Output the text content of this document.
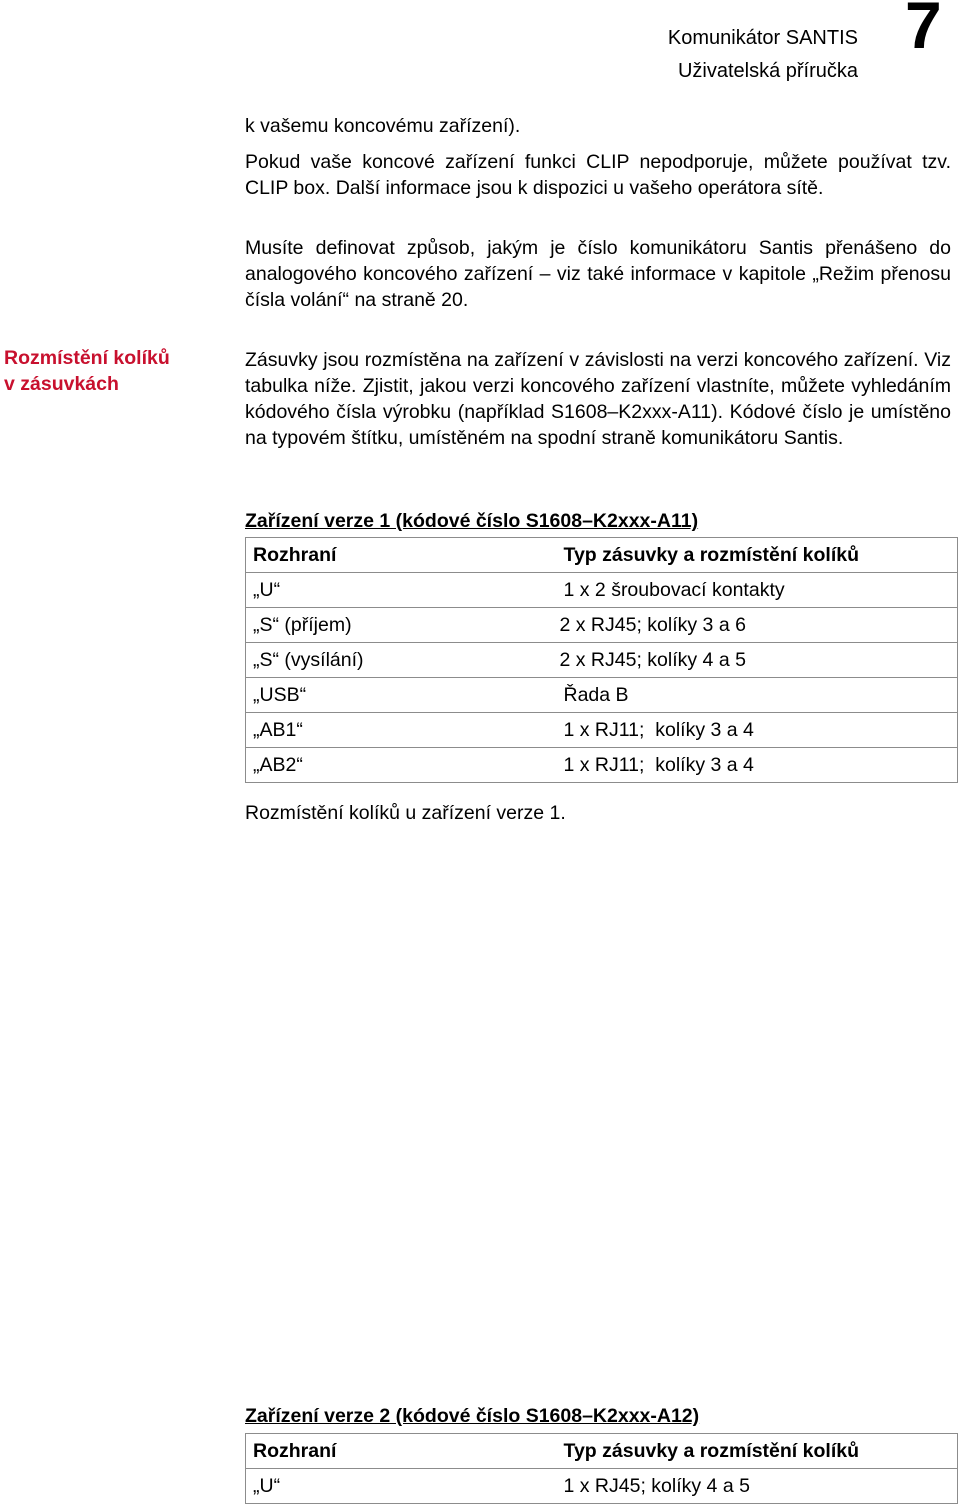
Komunikátor SANTIS
Uživatelská příručka
7
k vašemu koncovému zařízení).
Pokud vaše koncové zařízení funkci CLIP nepodporuje, můžete používat tzv. CLIP box. Další informace jsou k dispozici u vašeho operátora sítě.
Musíte definovat způsob, jakým je číslo komunikátoru Santis přenášeno do analogového koncového zařízení – viz také informace v kapitole „Režim přenosu čísla volání“ na straně 20.
Rozmístění kolíků
v zásuvkách
Zásuvky jsou rozmístěna na zařízení v závislosti na verzi koncového zařízení. Viz tabulka níže. Zjistit, jakou verzi koncového zařízení vlastníte, můžete vyhledáním kódového čísla výrobku (například S1608–K2xxx-A11). Kódové číslo je umístěno na typovém štítku, umístěném na spodní straně komunikátoru Santis.
Zařízení verze 1 (kódové číslo S1608–K2xxx-A11)
Rozhraní	Typ zásuvky a rozmístění kolíků
„U“	1 x 2 šroubovací kontakty
„S“ (příjem)	2 x RJ45; kolíky 3 a 6
„S“ (vysílání)	2 x RJ45; kolíky 4 a 5
„USB“	Řada B
„AB1“	1 x RJ11;  kolíky 3 a 4
„AB2“	1 x RJ11;  kolíky 3 a 4
Rozmístění kolíků u zařízení verze 1.
Zařízení verze 2 (kódové číslo S1608–K2xxx-A12)
Rozhraní	Typ zásuvky a rozmístění kolíků
„U“	1 x RJ45; kolíky 4 a 5
